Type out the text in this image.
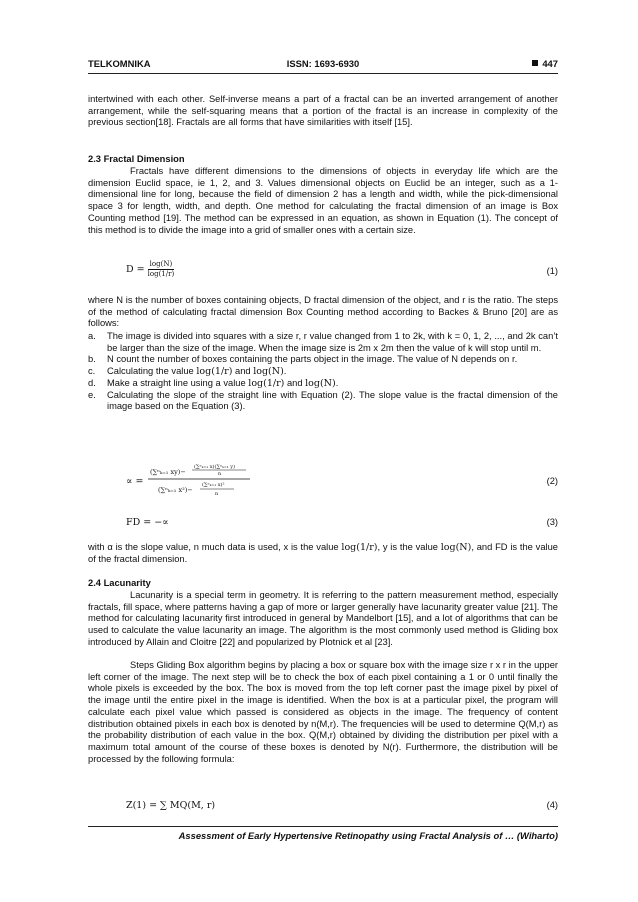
TELKOMNIKA	ISSN: 1693-6930	447

intertwined with each other. Self-inverse means a part of a fractal can be an inverted arrangement of another arrangement, while the self-squaring means that a portion of the fractal is an increase in complexity of the previous section[18]. Fractals are all forms that have similarities with itself [15].

2.3 Fractal Dimension

Fractals have different dimensions to the dimensions of objects in everyday life which are the dimension Euclid space, ie 1, 2, and 3. Values dimensional objects on Euclid be an integer, such as a 1-dimensional line for long, because the field of dimension 2 has a length and width, while the pick-dimensional space 3 for length, width, and depth. One method for calculating the fractal dimension of an image is Box Counting method [19]. The method can be expressed in an equation, as shown in Equation (1). The concept of this method is to divide the image into a grid of smaller ones with a certain size.

$D = \frac{\log(N)}{\log(1/r)}$	(1)

where N is the number of boxes containing objects, D fractal dimension of the object, and r is the ratio. The steps of the method of calculating fractal dimension Box Counting method according to Backes & Bruno [20] are as follows:

a. The image is divided into squares with a size r, r value changed from 1 to 2k, with k = 0, 1, 2, ..., and 2k can’t be larger than the size of the image. When the image size is 2m x 2m then the value of k will stop until m.
b. N count the number of boxes containing the parts object in the image. The value of N depends on r.
c. Calculating the value log(1/r) and log(N).
d. Make a straight line using a value log(1/r) and log(N).
e. Calculating the slope of the straight line with Equation (2). The slope value is the fractal dimension of the image based on the Equation (3).
∝ =
(∑ⁿₖ₌₁ xy)−
(∑ⁿₖ₌₁ x)(∑ⁿₖ₌₁ y)
n
(∑ⁿₖ₌₁ x²)−
(∑ⁿₖ₌₁ x)²
n
(2)
FD = −∝	(3)

with α is the slope value, n much data is used, x is the value log(1/r), y is the value log(N), and FD is the value of the fractal dimension.

2.4 Lacunarity

Lacunarity is a special term in geometry. It is referring to the pattern measurement method, especially fractals, fill space, where patterns having a gap of more or larger generally have lacunarity greater value [21]. The method for calculating lacunarity first introduced in general by Mandelbort [15], and a lot of algorithms that can be used to calculate the value lacunarity an image. The algorithm is the most commonly used method is Gliding box introduced by Allain and Cloitre [22] and popularized by Plotnick et al [23].

Steps Gliding Box algorithm begins by placing a box or square box with the image size r x r in the upper left corner of the image. The next step will be to check the box of each pixel containing a 1 or 0 until finally the whole pixels is exceeded by the box. The box is moved from the top left corner past the image pixel by pixel of the image until the entire pixel in the image is identified. When the box is at a particular pixel, the program will calculate each pixel value which passed is considered as objects in the image. The frequency of content distribution obtained pixels in each box is denoted by n(M,r). The frequencies will be used to determine Q(M,r) as the probability distribution of each value in the box. Q(M,r) obtained by dividing the distribution per pixel with a maximum total amount of the course of these boxes is denoted by N(r). Furthermore, the distribution will be processed by the following formula:

Z(1) = ∑ MQ(M, r)	(4)
Assessment of Early Hypertensive Retinopathy using Fractal Analysis of … (Wiharto)
